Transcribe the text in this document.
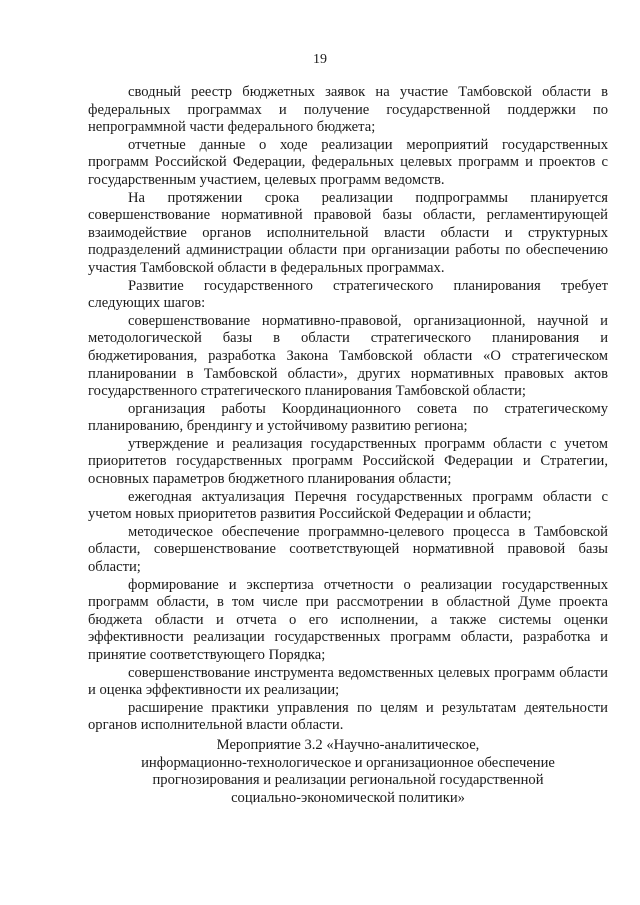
19

сводный реестр бюджетных заявок на участие Тамбовской области в федеральных программах и получение государственной поддержки по непрограммной части федерального бюджета;

отчетные данные о ходе реализации мероприятий государственных программ Российской Федерации, федеральных целевых программ и проектов с государственным участием, целевых программ ведомств.

На протяжении срока реализации подпрограммы планируется совершенствование нормативной правовой базы области, регламентирующей взаимодействие органов исполнительной власти области и структурных подразделений администрации области при организации работы по обеспечению участия Тамбовской области в федеральных программах.

Развитие государственного стратегического планирования требует следующих шагов:

совершенствование нормативно-правовой, организационной, научной и методологической базы в области стратегического планирования и бюджетирования, разработка Закона Тамбовской области «О стратегическом планировании в Тамбовской области», других нормативных правовых актов государственного стратегического планирования Тамбовской области;

организация работы Координационного совета по стратегическому планированию, брендингу и устойчивому развитию региона;

утверждение и реализация государственных программ области с учетом приоритетов государственных программ Российской Федерации и Стратегии, основных параметров бюджетного планирования области;

ежегодная актуализация Перечня государственных программ области с учетом новых приоритетов развития Российской Федерации и области;

методическое обеспечение программно-целевого процесса в Тамбовской области, совершенствование соответствующей нормативной правовой базы области;

формирование и экспертиза отчетности о реализации государственных программ области, в том числе при рассмотрении в областной Думе проекта бюджета области и отчета о его исполнении, а также системы оценки эффективности реализации государственных программ области, разработка и принятие соответствующего Порядка;

совершенствование инструмента ведомственных целевых программ области и оценка эффективности их реализации;

расширение практики управления по целям и результатам деятельности органов исполнительной власти области.

Мероприятие 3.2 «Научно-аналитическое,
информационно-технологическое и организационное обеспечение
прогнозирования и реализации региональной государственной
социально-экономической политики»
